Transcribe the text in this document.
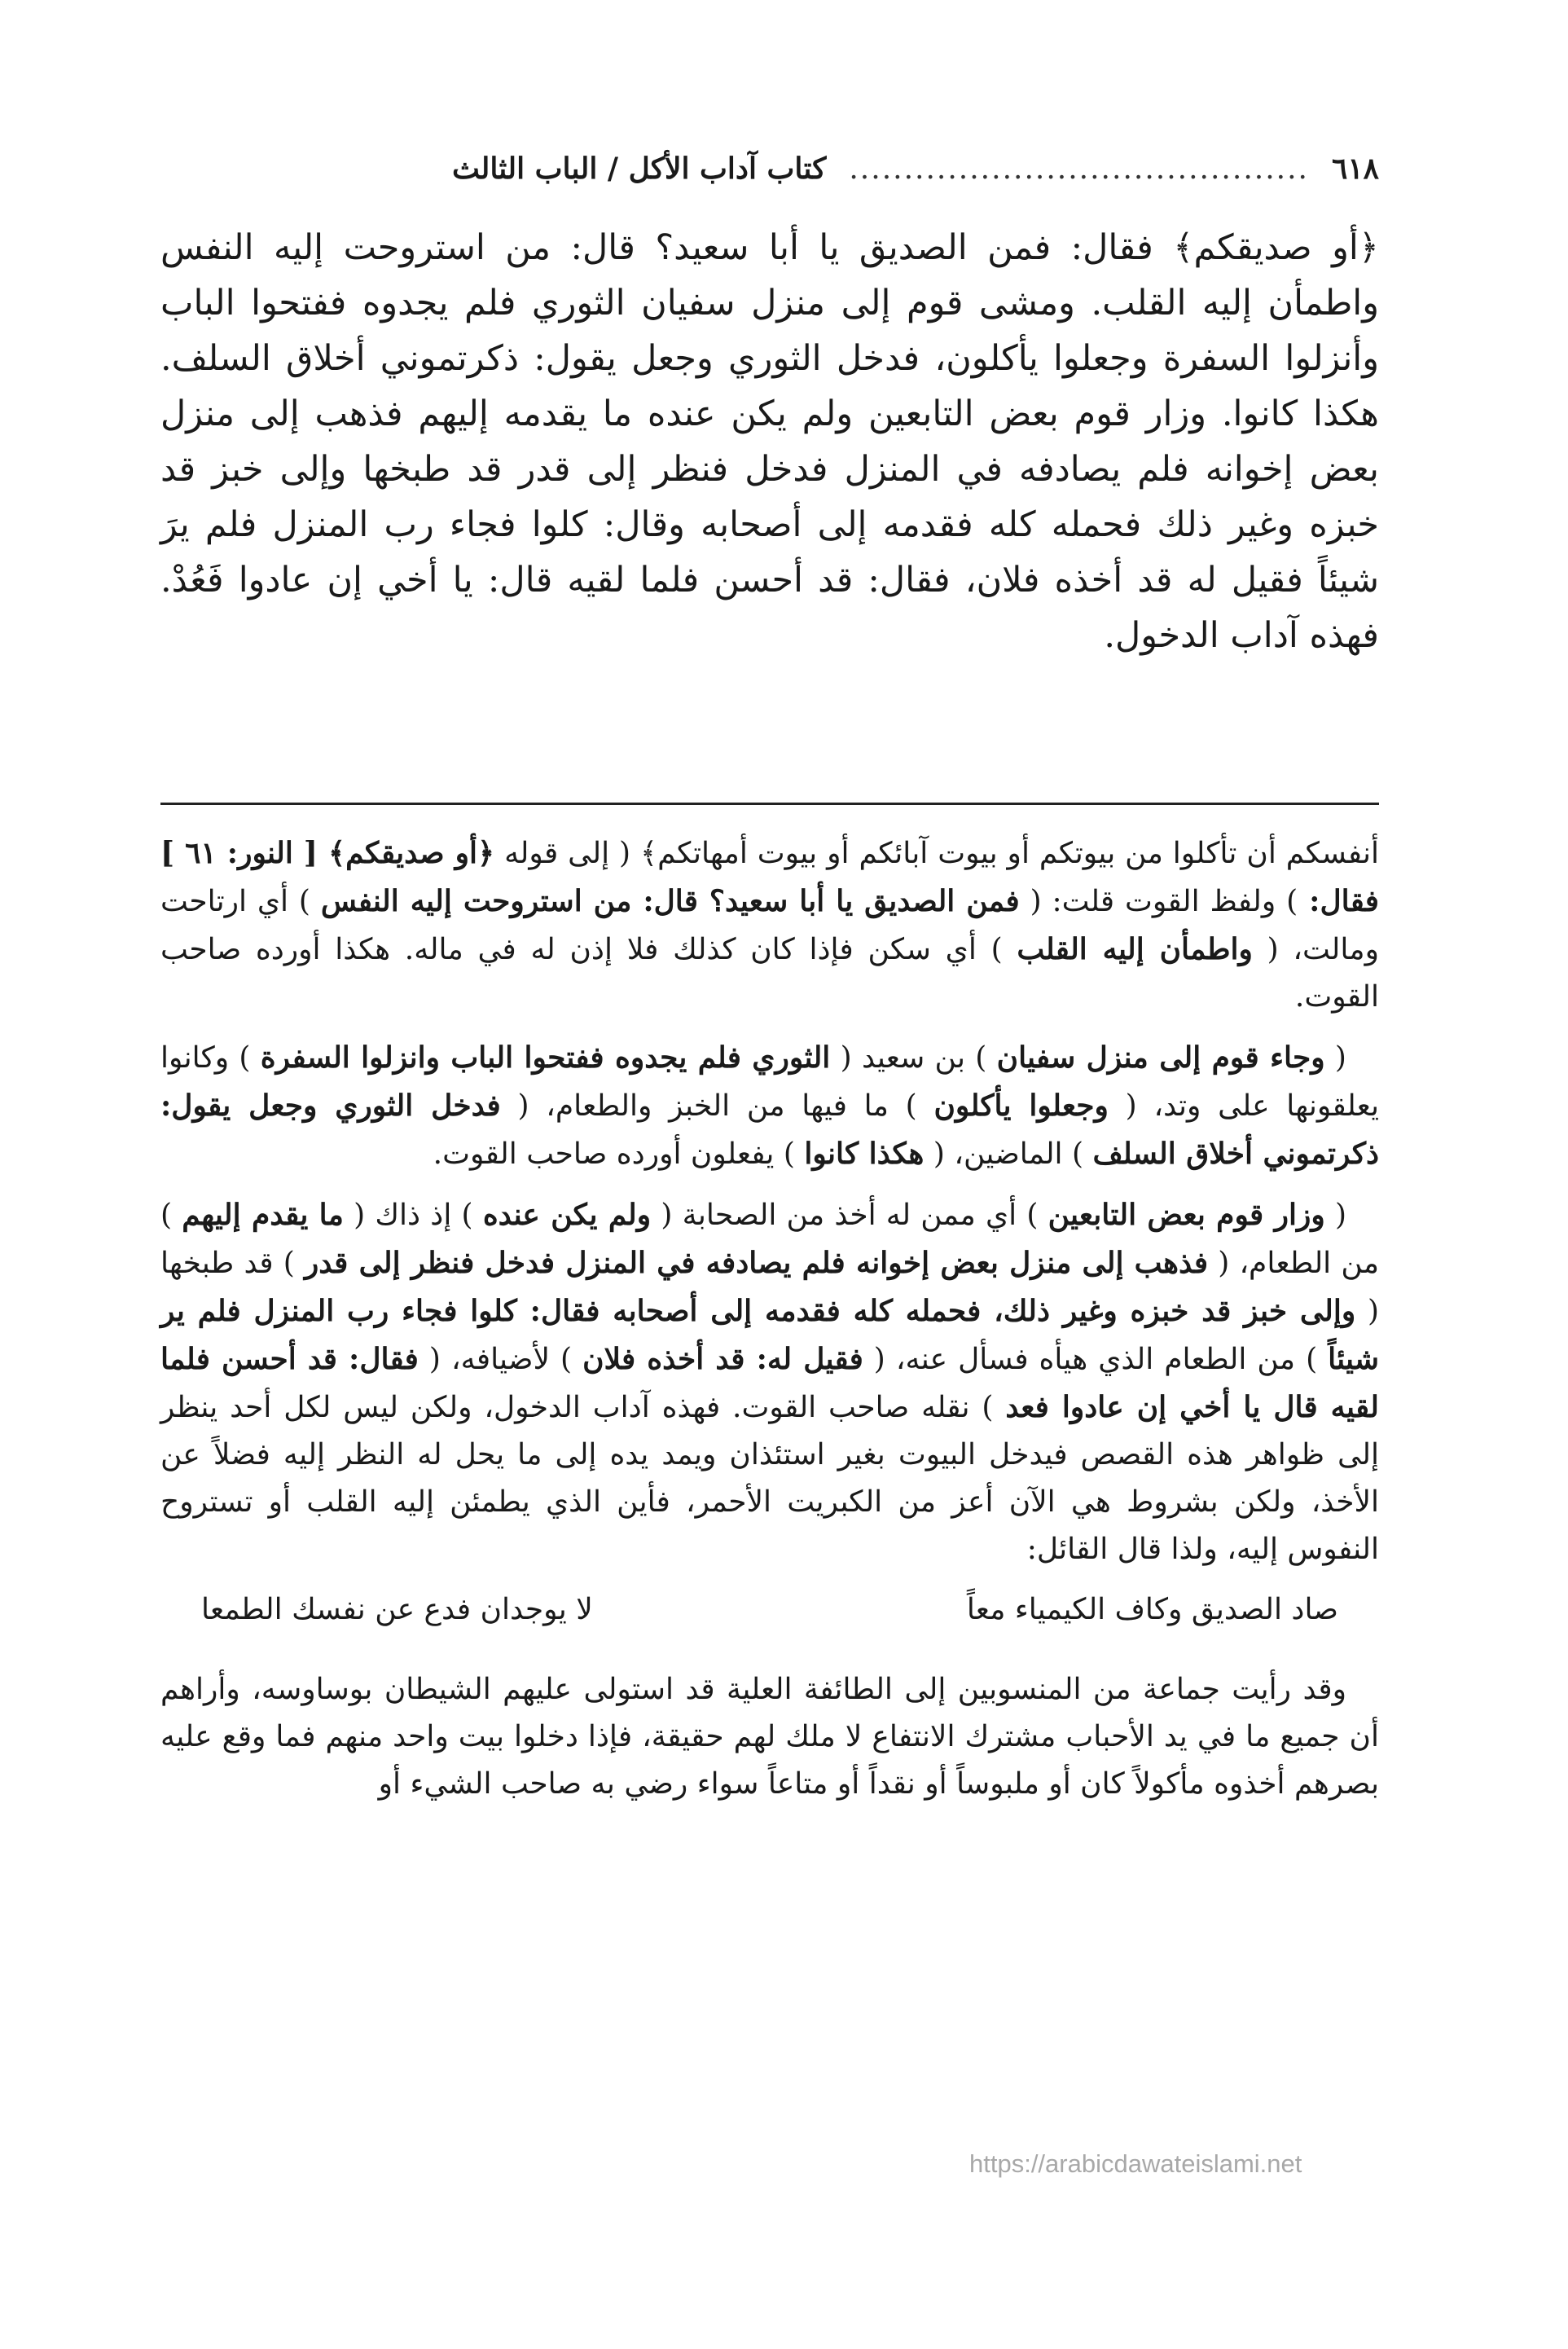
٦١٨
..........................................
كتاب آداب الأكل / الباب الثالث

﴿أو صديقكم﴾ فقال: فمن الصديق يا أبا سعيد؟ قال: من استروحت إليه النفس واطمأن إليه القلب. ومشى قوم إلى منزل سفيان الثوري فلم يجدوه ففتحوا الباب وأنزلوا السفرة وجعلوا يأكلون، فدخل الثوري وجعل يقول: ذكرتموني أخلاق السلف. هكذا كانوا. وزار قوم بعض التابعين ولم يكن عنده ما يقدمه إليهم فذهب إلى منزل بعض إخوانه فلم يصادفه في المنزل فدخل فنظر إلى قدر قد طبخها وإلى خبز قد خبزه وغير ذلك فحمله كله فقدمه إلى أصحابه وقال: كلوا فجاء رب المنزل فلم يرَ شيئاً فقيل له قد أخذه فلان، فقال: قد أحسن فلما لقيه قال: يا أخي إن عادوا فَعُدْ. فهذه آداب الدخول.

أنفسكم أن تأكلوا من بيوتكم أو بيوت آبائكم أو بيوت أمهاتكم﴾ ( إلى قوله ﴿أو صديقكم﴾ [ النور: ٦١ ] فقال: ) ولفظ القوت قلت: ( فمن الصديق يا أبا سعيد؟ قال: من استروحت إليه النفس ) أي ارتاحت ومالت، ( واطمأن إليه القلب ) أي سكن فإذا كان كذلك فلا إذن له في ماله. هكذا أورده صاحب القوت.

( وجاء قوم إلى منزل سفيان ) بن سعيد ( الثوري فلم يجدوه ففتحوا الباب وانزلوا السفرة ) وكانوا يعلقونها على وتد، ( وجعلوا يأكلون ) ما فيها من الخبز والطعام، ( فدخل الثوري وجعل يقول: ذكرتموني أخلاق السلف ) الماضين، ( هكذا كانوا ) يفعلون أورده صاحب القوت.

( وزار قوم بعض التابعين ) أي ممن له أخذ من الصحابة ( ولم يكن عنده ) إذ ذاك ( ما يقدم إليهم ) من الطعام، ( فذهب إلى منزل بعض إخوانه فلم يصادفه في المنزل فدخل فنظر إلى قدر ) قد طبخها ( وإلى خبز قد خبزه وغير ذلك، فحمله كله فقدمه إلى أصحابه فقال: كلوا فجاء رب المنزل فلم ير شيئاً ) من الطعام الذي هيأه فسأل عنه، ( فقيل له: قد أخذه فلان ) لأضيافه، ( فقال: قد أحسن فلما لقيه قال يا أخي إن عادوا فعد ) نقله صاحب القوت. فهذه آداب الدخول، ولكن ليس لكل أحد ينظر إلى ظواهر هذه القصص فيدخل البيوت بغير استئذان ويمد يده إلى ما يحل له النظر إليه فضلاً عن الأخذ، ولكن بشروط هي الآن أعز من الكبريت الأحمر، فأين الذي يطمئن إليه القلب أو تستروح النفوس إليه، ولذا قال القائل:

صاد الصديق وكاف الكيمياء معاً
لا يوجدان فدع عن نفسك الطمعا

وقد رأيت جماعة من المنسوبين إلى الطائفة العلية قد استولى عليهم الشيطان بوساوسه، وأراهم أن جميع ما في يد الأحباب مشترك الانتفاع لا ملك لهم حقيقة، فإذا دخلوا بيت واحد منهم فما وقع عليه بصرهم أخذوه مأكولاً كان أو ملبوساً أو نقداً أو متاعاً سواء رضي به صاحب الشيء أو

https://arabicdawateislami.net
